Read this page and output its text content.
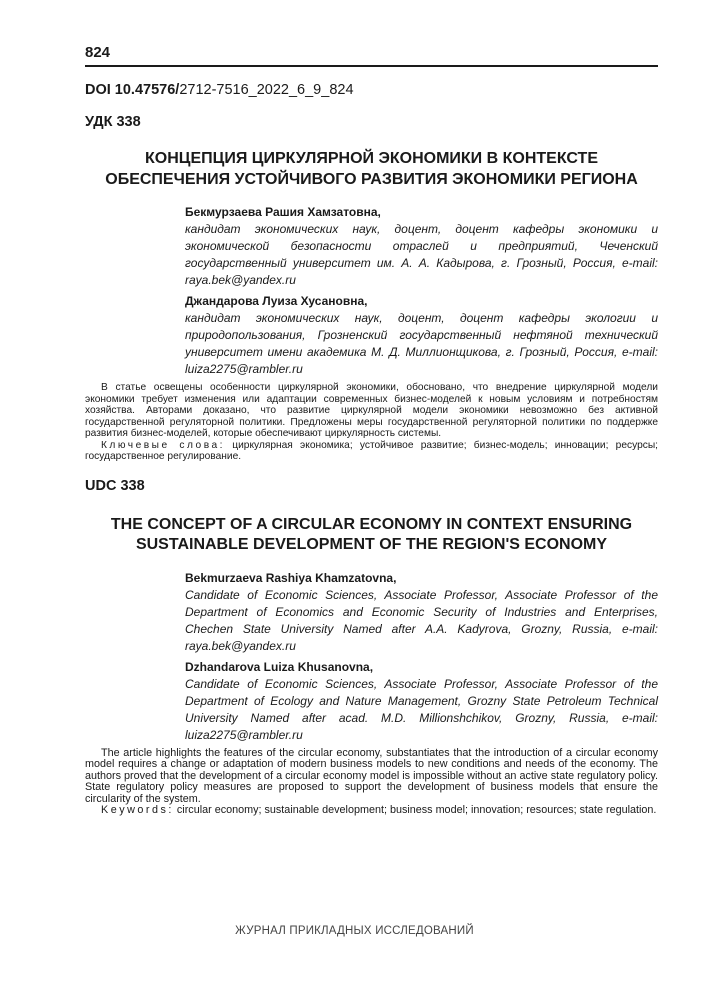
824
DOI 10.47576/2712-7516_2022_6_9_824
УДК 338
КОНЦЕПЦИЯ ЦИРКУЛЯРНОЙ ЭКОНОМИКИ В КОНТЕКСТЕ ОБЕСПЕЧЕНИЯ УСТОЙЧИВОГО РАЗВИТИЯ ЭКОНОМИКИ РЕГИОНА
Бекмурзаева Рашия Хамзатовна,
кандидат экономических наук, доцент, доцент кафедры экономики и экономической безопасности отраслей и предприятий, Чеченский государственный университет им. А. А. Кадырова, г. Грозный, Россия, e-mail: raya.bek@yandex.ru
Джандарова Луиза Хусановна,
кандидат экономических наук, доцент, доцент кафедры экологии и природопользования, Грозненский государственный нефтяной технический университет имени академика М. Д. Миллионщикова, г. Грозный, Россия, e-mail: luiza2275@rambler.ru
В статье освещены особенности циркулярной экономики, обосновано, что внедрение циркулярной модели экономики требует изменения или адаптации современных бизнес-моделей к новым условиям и потребностям хозяйства. Авторами доказано, что развитие циркулярной модели экономики невозможно без активной государственной регуляторной политики. Предложены меры государственной регуляторной политики по поддержке развития бизнес-моделей, которые обеспечивают циркулярность системы.
Ключевые слова: циркулярная экономика; устойчивое развитие; бизнес-модель; инновации; ресурсы; государственное регулирование.
UDC 338
THE CONCEPT OF A CIRCULAR ECONOMY IN CONTEXT ENSURING SUSTAINABLE DEVELOPMENT OF THE REGION'S ECONOMY
Bekmurzaeva Rashiya Khamzatovna,
Candidate of Economic Sciences, Associate Professor, Associate Professor of the Department of Economics and Economic Security of Industries and Enterprises, Chechen State University Named after A.A. Kadyrova, Grozny, Russia, e-mail: raya.bek@yandex.ru
Dzhandarova Luiza Khusanovna,
Candidate of Economic Sciences, Associate Professor, Associate Professor of the Department of Ecology and Nature Management, Grozny State Petroleum Technical University Named after acad. M.D. Millionshchikov, Grozny, Russia, e-mail: luiza2275@rambler.ru
The article highlights the features of the circular economy, substantiates that the introduction of a circular economy model requires a change or adaptation of modern business models to new conditions and needs of the economy. The authors proved that the development of a circular economy model is impossible without an active state regulatory policy. State regulatory policy measures are proposed to support the development of business models that ensure the circularity of the system.
Keywords: circular economy; sustainable development; business model; innovation; resources; state regulation.
ЖУРНАЛ ПРИКЛАДНЫХ ИССЛЕДОВАНИЙ
